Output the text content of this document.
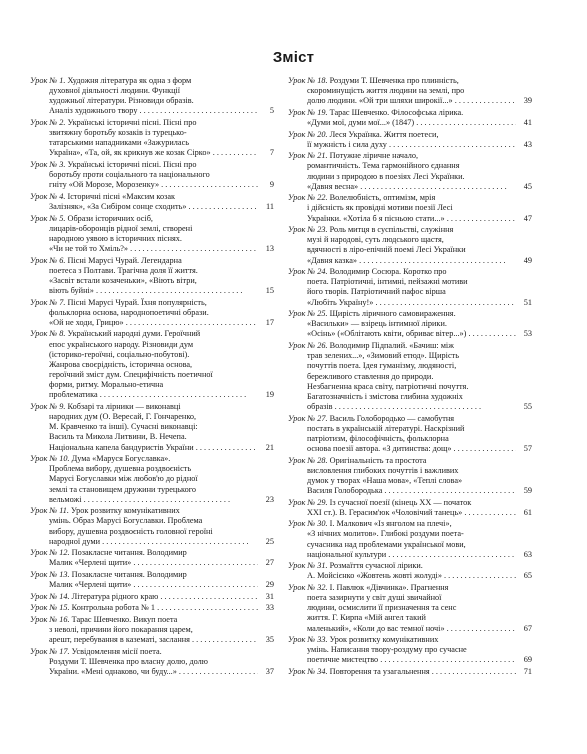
Зміст
Урок № 1. Художня література як одна з форм
духовної діяльності людини. Функції
художньої літератури. Різновиди образів.
Аналіз художнього твору . . .	5
Урок № 2. Українські історичні пісні. Пісні про
звитяжну боротьбу козаків із турецько-
татарськими нападниками «Зажурилась
Україна», «Та, ой, як крикнув же козак Сірко» . . .	7
Урок № 3. Українські історичні пісні. Пісні про
боротьбу проти соціального та національного
гніту «Ой Морозе, Морозенку» . . .	9
Урок № 4. Історичні пісні «Максим козак
Залізняк», «За Сибіром сонце сходить» . . .	11
Урок № 5. Образи історичних осіб,
лицарів-оборонців рідної землі, створені
народною уявою в історичних піснях.
«Чи не той то Хміль?» . . .	13
Урок № 6. Пісні Марусі Чурай. Легендарна
поетеса з Полтави. Трагічна доля її життя.
«Засвіт встали козаченьки», «Віють вітри,
віють буйні» . . .	15
Урок № 7. Пісні Марусі Чурай. Їхня популярність,
фольклорна основа, народнопоетичні образи.
«Ой не ходи, Грицю» . . .	17
Урок № 8. Український народні думи. Героїчний
епос українського народу. Різновиди дум
(історико-героїчні, соціально-побутові).
Жанрова своєрідність, історична основа,
героїчний зміст дум. Специфічність поетичної
форми, ритму. Морально-етична
проблематика . . .	19
Урок № 9. Кобзарі та лірники — виконавці
народних дум (О. Вересай, Г. Гончаренко,
М. Кравченко та інші). Сучасні виконавці:
Василь та Микола Литвини, В. Нечепа.
Національна капела бандуристів України . . .	21
Урок № 10. Дума «Маруся Богуславка».
Проблема вибору, душевна роздвоєність
Марусі Богуславки між любов'ю до рідної
землі та становищем дружини турецького
вельможі . . .	23
Урок № 11. Урок розвитку комунікативних
умінь. Образ Марусі Богуславки. Проблема
вибору, душевна роздвоєність головної героїні
народної думи . . .	25
Урок № 12. Позакласне читання. Володимир
Малик «Черлені щити» . . .	27
Урок № 13. Позакласне читання. Володимир
Малик «Черлені щити» . . .	29
Урок № 14. Література рідного краю . . .	31
Урок № 15. Контрольна робота № 1 . . .	33
Урок № 16. Тарас Шевченко. Викуп поета
з неволі, причини його покарання царем,
арешт, перебування в казематі, заслання . . .	35
Урок № 17. Усвідомлення місії поета.
Роздуми Т. Шевченка про власну долю, долю
України. «Мені однаково, чи буду...» . . .	37
Урок № 18. Роздуми Т. Шевченка про плинність,
скороминущість життя людини на землі, про
долю людини. «Ой три шляхи широкії...» . . .	39
Урок № 19. Тарас Шевченко. Філософська лірика.
«Думи мої, думи мої...» (1847) . . .	41
Урок № 20. Леся Українка. Життя поетеси,
її мужність і сила духу . . .	43
Урок № 21. Потужне ліричне начало,
романтичність. Тема гармонійного єднання
людини з природою в поезіях Лесі Українки.
«Давня весна» . . .	45
Урок № 22. Волелюбність, оптимізм, мрія
і дійсність як провідні мотиви поезії Лесі
Українки. «Хотіла б я пісньою стати...» . . .	47
Урок № 23. Роль митця в суспільстві, служіння
музі й народові, суть людського щастя,
вдячності в ліро-епічній поемі Лесі Українки
«Давня казка» . . .	49
Урок № 24. Володимир Сосюра. Коротко про
поета. Патріотичні, інтимні, пейзажні мотиви
його творів. Патріотичний пафос вірша
«Любіть Україну!» . . .	51
Урок № 25. Щирість ліричного самовираження.
«Васильки» — взірець інтимної лірики.
«Осінь» («Облітають квіти, обриває вітер...») . . .	53
Урок № 26. Володимир Підпалий. «Бачиш: між
трав зелених...», «Зимовий етюд». Щирість
почуттів поета. Ідея гуманізму, людяності,
бережливого ставлення до природи.
Незбагненна краса світу, патріотичні почуття.
Багатозначність і змістова глибина художніх
образів . . .	55
Урок № 27. Василь Голобородько — самобутня
постать в українській літературі. Наскрізний
патріотизм, філософічність, фольклорна
основа поезії автора. «З дитинства: дощ» . . .	57
Урок № 28. Оригінальність та простота
висловлення глибоких почуттів і важливих
думок у творах «Наша мова», «Теплі слова»
Василя Голобородька . . .	59
Урок № 29. Із сучасної поезії (кінець ХХ — початок
ХХІ ст.). В. Герасим'юк «Чоловічий танець» . . .	61
Урок № 30. І. Малкович «Із янголом на плечі»,
«З нічних молитов». Глибокі роздуми поета-
сучасника над проблемами української мови,
національної культури . . .	63
Урок № 31. Розмаїття сучасної лірики.
А. Мойсієнко «Жовтень жовті жолуді» . . .	65
Урок № 32. І. Павлюк «Дівчинка». Прагнення
поета зазирнути у світ душі звичайної
людини, осмислити її призначення та сенс
життя. Г. Кирпа «Мій ангел такий
маленький», «Коли до вас темної ночі» . . .	67
Урок № 33. Урок розвитку комунікативних
умінь. Написання твору-роздуму про сучасне
поетичне мистецтво . . .	69
Урок № 34. Повторення та узагальнення . . .	71
